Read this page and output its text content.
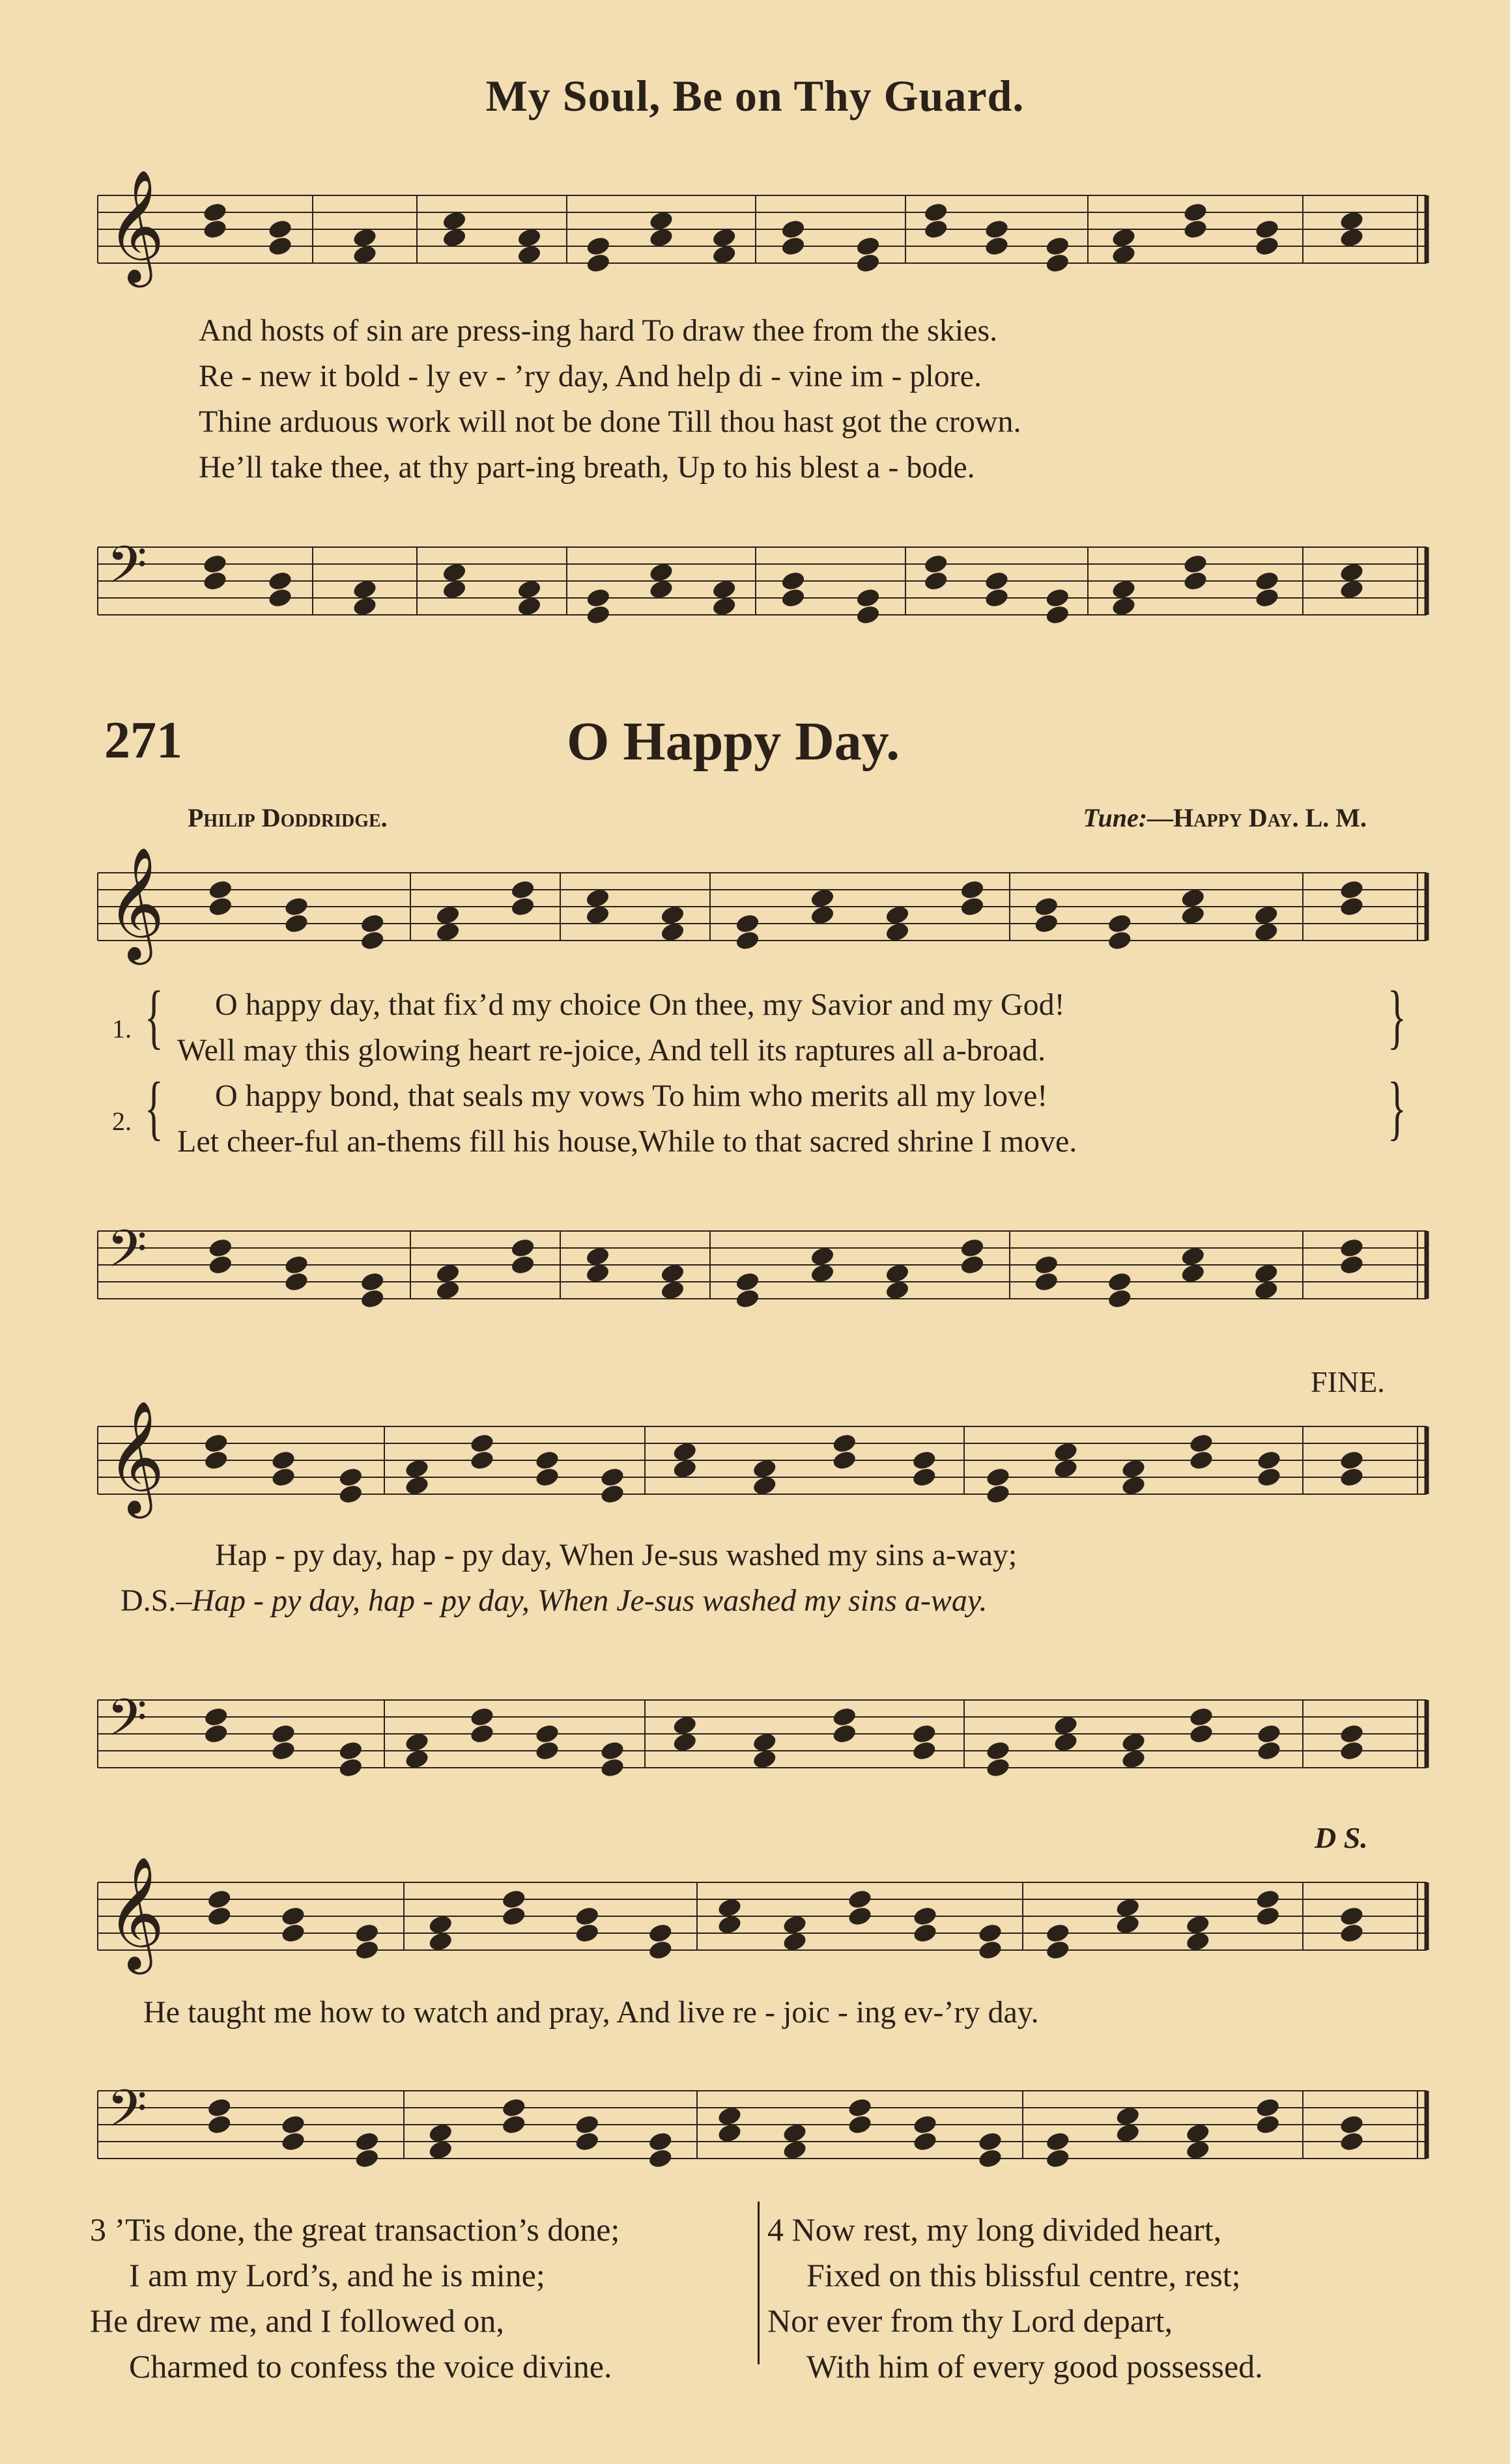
My Soul, Be on Thy Guard.
𝄞
And hosts of sin are press-ing hard To draw thee from the skies.
Re - new it bold - ly ev - ’ry day, And help di - vine im - plore.
Thine arduous work will not be done Till thou hast got the crown.
He’ll take thee, at thy part-ing breath, Up to his blest a - bode.
𝄢
271	O Happy Day.
Philip Doddridge.	Tune:—Happy Day. L. M.
𝄞
1. { O happy day, that fix’d my choice On thee, my Savior and my God!
Well may this glowing heart re-joice, And tell its raptures all a-broad.	}
2. { O happy bond, that seals my vows To him who merits all my love!
Let cheer-ful an-thems fill his house,While to that sacred shrine I move.	}
𝄢
FINE.
𝄞
Hap - py day, hap - py day, When Je-sus washed my sins a-way;
D.S.–Hap - py day, hap - py day, When Je-sus washed my sins a-way.
𝄢
D S.
𝄞
He taught me how to watch and pray, And live re - joic - ing ev-’ry day.
𝄢
3 ’Tis done, the great transaction’s done;
I am my Lord’s, and he is mine;
He drew me, and I followed on,
Charmed to confess the voice divine.
4 Now rest, my long divided heart,
Fixed on this blissful centre, rest;
Nor ever from thy Lord depart,
With him of every good possessed.
